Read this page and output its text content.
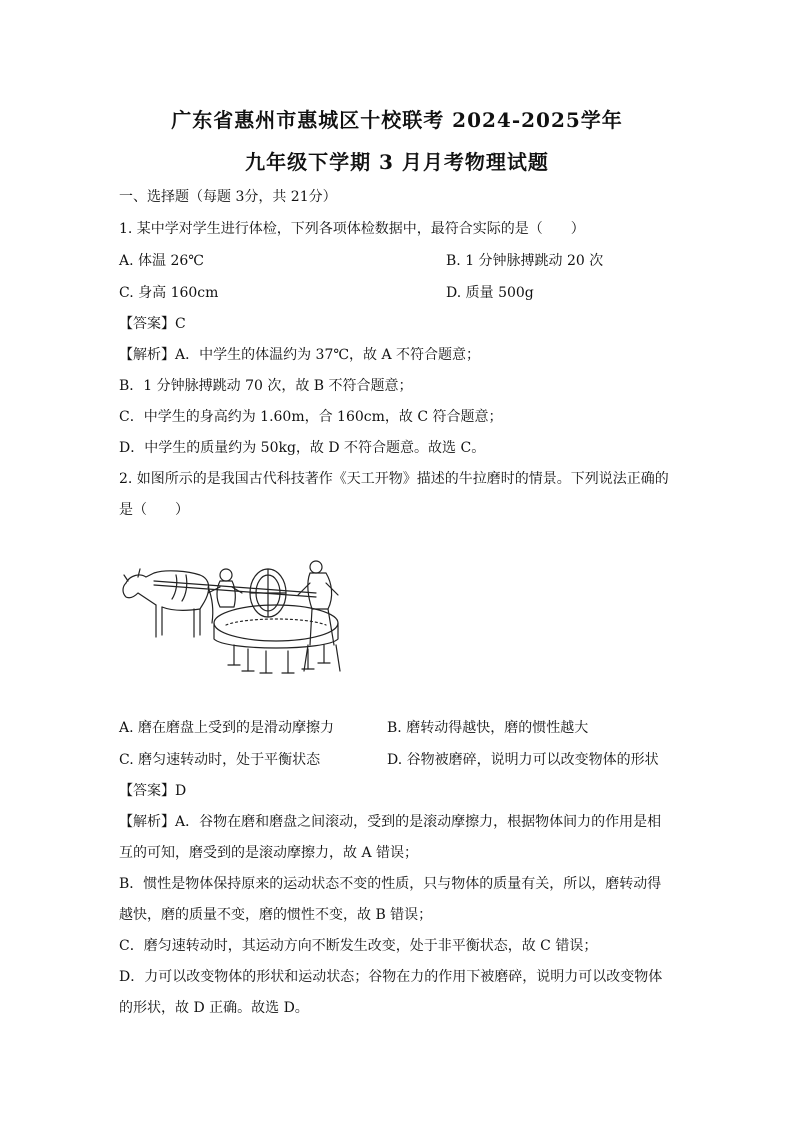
广东省惠州市惠城区十校联考 2024-2025学年
九年级下学期 3 月月考物理试题
一、选择题（每题 3分，共 21分）
1. 某中学对学生进行体检，下列各项体检数据中，最符合实际的是（　　）
A. 体温 26℃	B. 1 分钟脉搏跳动 20 次
C. 身高 160cm	D. 质量 500g
【答案】C
【解析】A．中学生的体温约为 37℃，故 A 不符合题意；
B．1 分钟脉搏跳动 70 次，故 B 不符合题意；
C．中学生的身高约为 1.60m，合 160cm，故 C 符合题意；
D．中学生的质量约为 50kg，故 D 不符合题意。故选 C。
2. 如图所示的是我国古代科技著作《天工开物》描述的牛拉磨时的情景。下列说法正确的
是（　　）
A. 磨在磨盘上受到的是滑动摩擦力	B. 磨转动得越快，磨的惯性越大
C. 磨匀速转动时，处于平衡状态	D. 谷物被磨碎，说明力可以改变物体的形状
【答案】D
【解析】A．谷物在磨和磨盘之间滚动，受到的是滚动摩擦力，根据物体间力的作用是相
互的可知，磨受到的是滚动摩擦力，故 A 错误；
B．惯性是物体保持原来的运动状态不变的性质，只与物体的质量有关，所以，磨转动得
越快，磨的质量不变，磨的惯性不变，故 B 错误；
C．磨匀速转动时，其运动方向不断发生改变，处于非平衡状态，故 C 错误；
D．力可以改变物体的形状和运动状态；谷物在力的作用下被磨碎，说明力可以改变物体
的形状，故 D 正确。故选 D。
